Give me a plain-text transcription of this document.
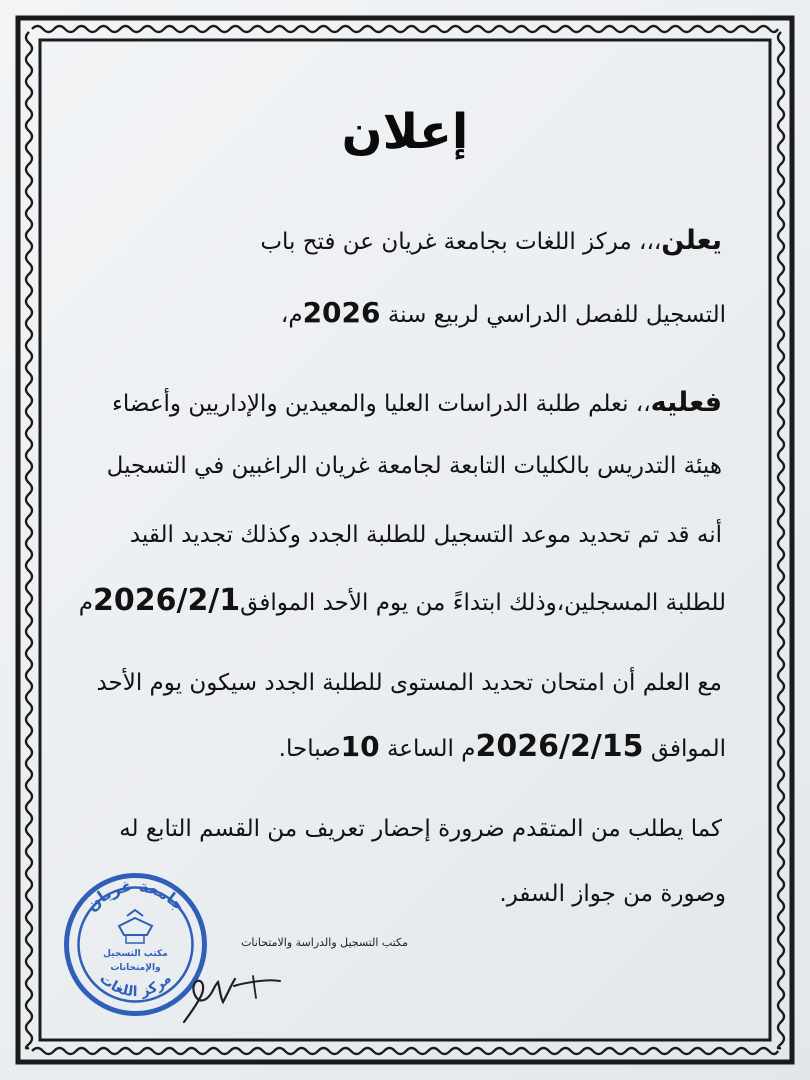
إعلان
يعلن،،، مركز اللغات بجامعة غريان عن فتح باب
التسجيل للفصل الدراسي لربيع سنة 2026م،
فعليه،، نعلم طلبة الدراسات العليا والمعيدين والإداريين وأعضاء
هيئة التدريس بالكليات التابعة لجامعة غريان الراغبين في التسجيل
أنه قد تم تحديد موعد التسجيل للطلبة الجدد وكذلك تجديد القيد
للطلبة المسجلين،وذلك ابتداءً من يوم الأحد الموافق2026/2/1م
مع العلم أن امتحان تحديد المستوى للطلبة الجدد سيكون يوم الأحد
الموافق 2026/2/15م الساعة 10صباحا.
كما يطلب من المتقدم ضرورة إحضار تعريف من القسم التابع له
وصورة من جواز السفر.
جامعة غريان
مركز اللغات
مكتب التسجيل
والإمتحانات
مكتب التسجيل والدراسة والامتحانات
